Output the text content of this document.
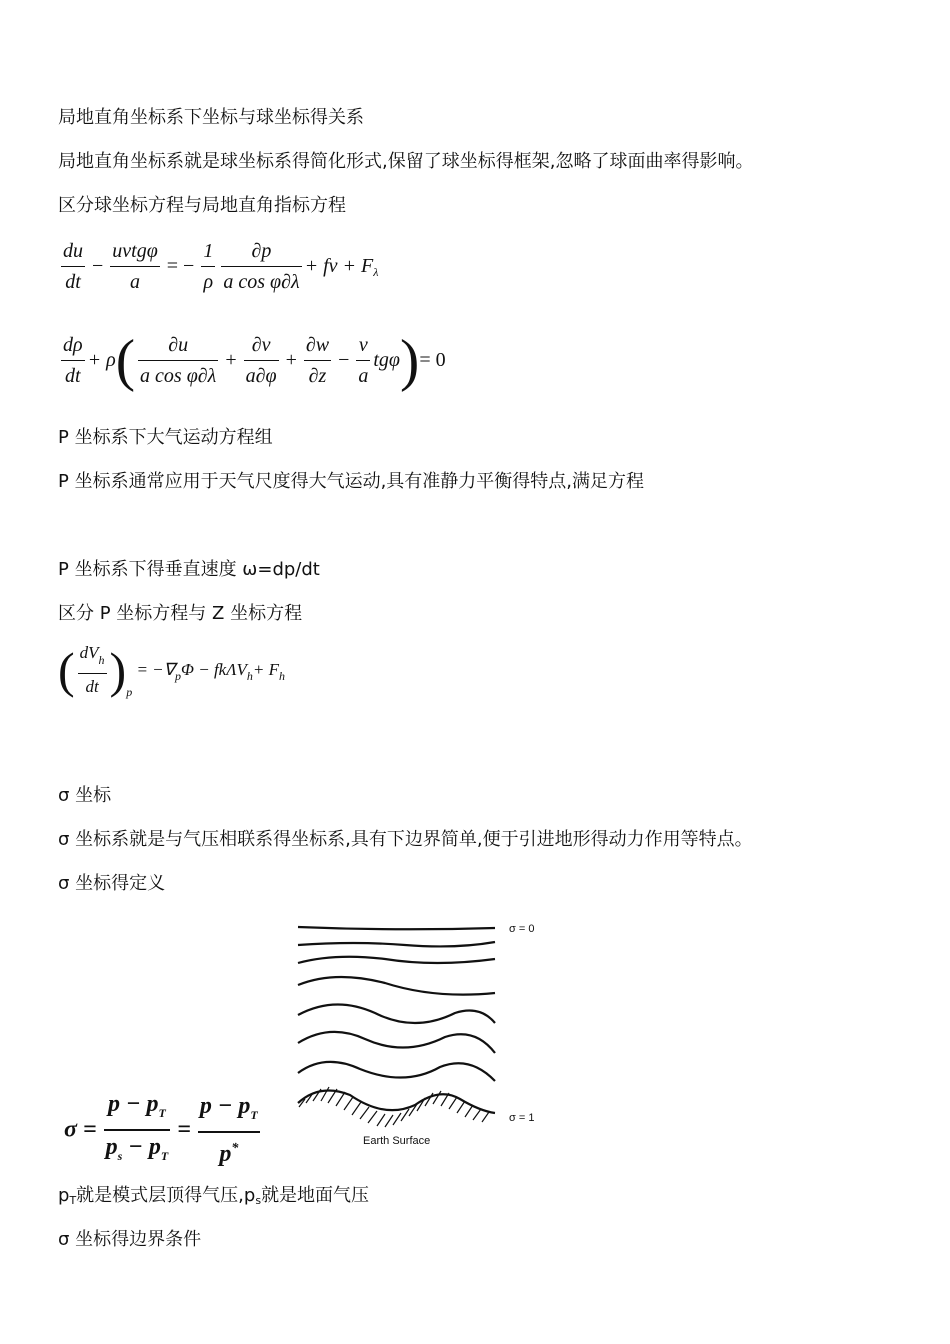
局地直角坐标系下坐标与球坐标得关系
局地直角坐标系就是球坐标系得简化形式,保留了球坐标得框架,忽略了球面曲率得影响。
区分球坐标方程与局地直角指标方程
$\frac{du}{dt} - \frac{\text{uvtgφ}}{a}$ = − $\frac{1}{\rho} \frac{\partial p}{\text{a cos φ∂λ}}$ + fv + $F_\lambda$
$\frac{d\rho}{dt} + \rho( \frac{\partial u}{\text{a cos φ∂λ}} + \frac{\partial v}{a\partial\varphi} + \frac{\partial w}{\partial z} - \frac{v}{a} tg\varphi)= 0$
P 坐标系下大气运动方程组
P 坐标系通常应用于天气尺度得大气运动,具有准静力平衡得特点,满足方程
P 坐标系下得垂直速度 ω=dp/dt
区分 P 坐标方程与 Z 坐标方程
( $\frac{dV_h}{dt} )_p = -\nabla_p\Phi - fk\Lambda V_h+ F_h$
σ 坐标
σ 坐标系就是与气压相联系得坐标系,具有下边界简单,便于引进地形得动力作用等特点。
σ 坐标得定义
$\sigma = \frac{p - p_T}{p_s - p_T} = \frac{p - p_T}{p^*}$
σ = 0
σ = 1
Earth Surface
pT就是模式层顶得气压,ps就是地面气压
σ 坐标得边界条件
